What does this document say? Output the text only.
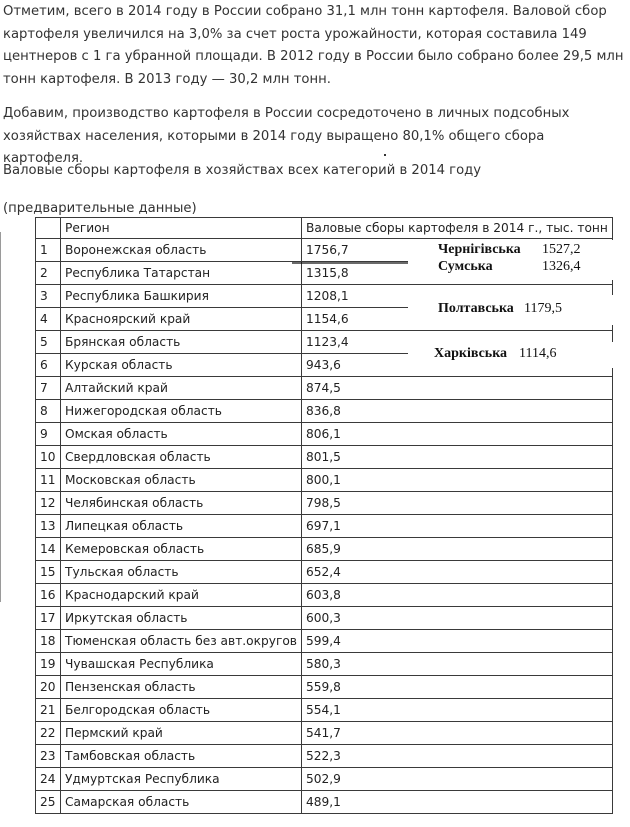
Отметим, всего в 2014 году в России собрано 31,1 млн тонн картофеля. Валовой сбор картофеля увеличился на 3,0% за счет роста урожайности, которая составила 149 центнеров с 1 га убранной площади. В 2012 году в России было собрано более 29,5 млн тонн картофеля. В 2013 году — 30,2 млн тонн.

Добавим, производство картофеля в России сосредоточено в личных подсобных хозяйствах населения, которыми в 2014 году выращено 80,1% общего сбора картофеля.

Валовые сборы картофеля в хозяйствах всех категорий в 2014 году

(предварительные данные)

	Регион	Валовые сборы картофеля в 2014 г., тыс. тонн
1	Воронежская область	1756,7
2	Республика Татарстан	1315,8
3	Республика Башкирия	1208,1
4	Красноярский край	1154,6
5	Брянская область	1123,4
6	Курская область	943,6
7	Алтайский край	874,5
8	Нижегородская область	836,8
9	Омская область	806,1
10	Свердловская область	801,5
11	Московская область	800,1
12	Челябинская область	798,5
13	Липецкая область	697,1
14	Кемеровская область	685,9
15	Тульская область	652,4
16	Краснодарский край	603,8
17	Иркутская область	600,3
18	Тюменская область без авт.округов	599,4
19	Чувашская Республика	580,3
20	Пензенская область	559,8
21	Белгородская область	554,1
22	Пермский край	541,7
23	Тамбовская область	522,3
24	Удмуртская Республика	502,9
25	Самарская область	489,1
Чернігівська 1527,2
Сумська	1326,4
Полтавська 1179,5
Харківська 1114,6
